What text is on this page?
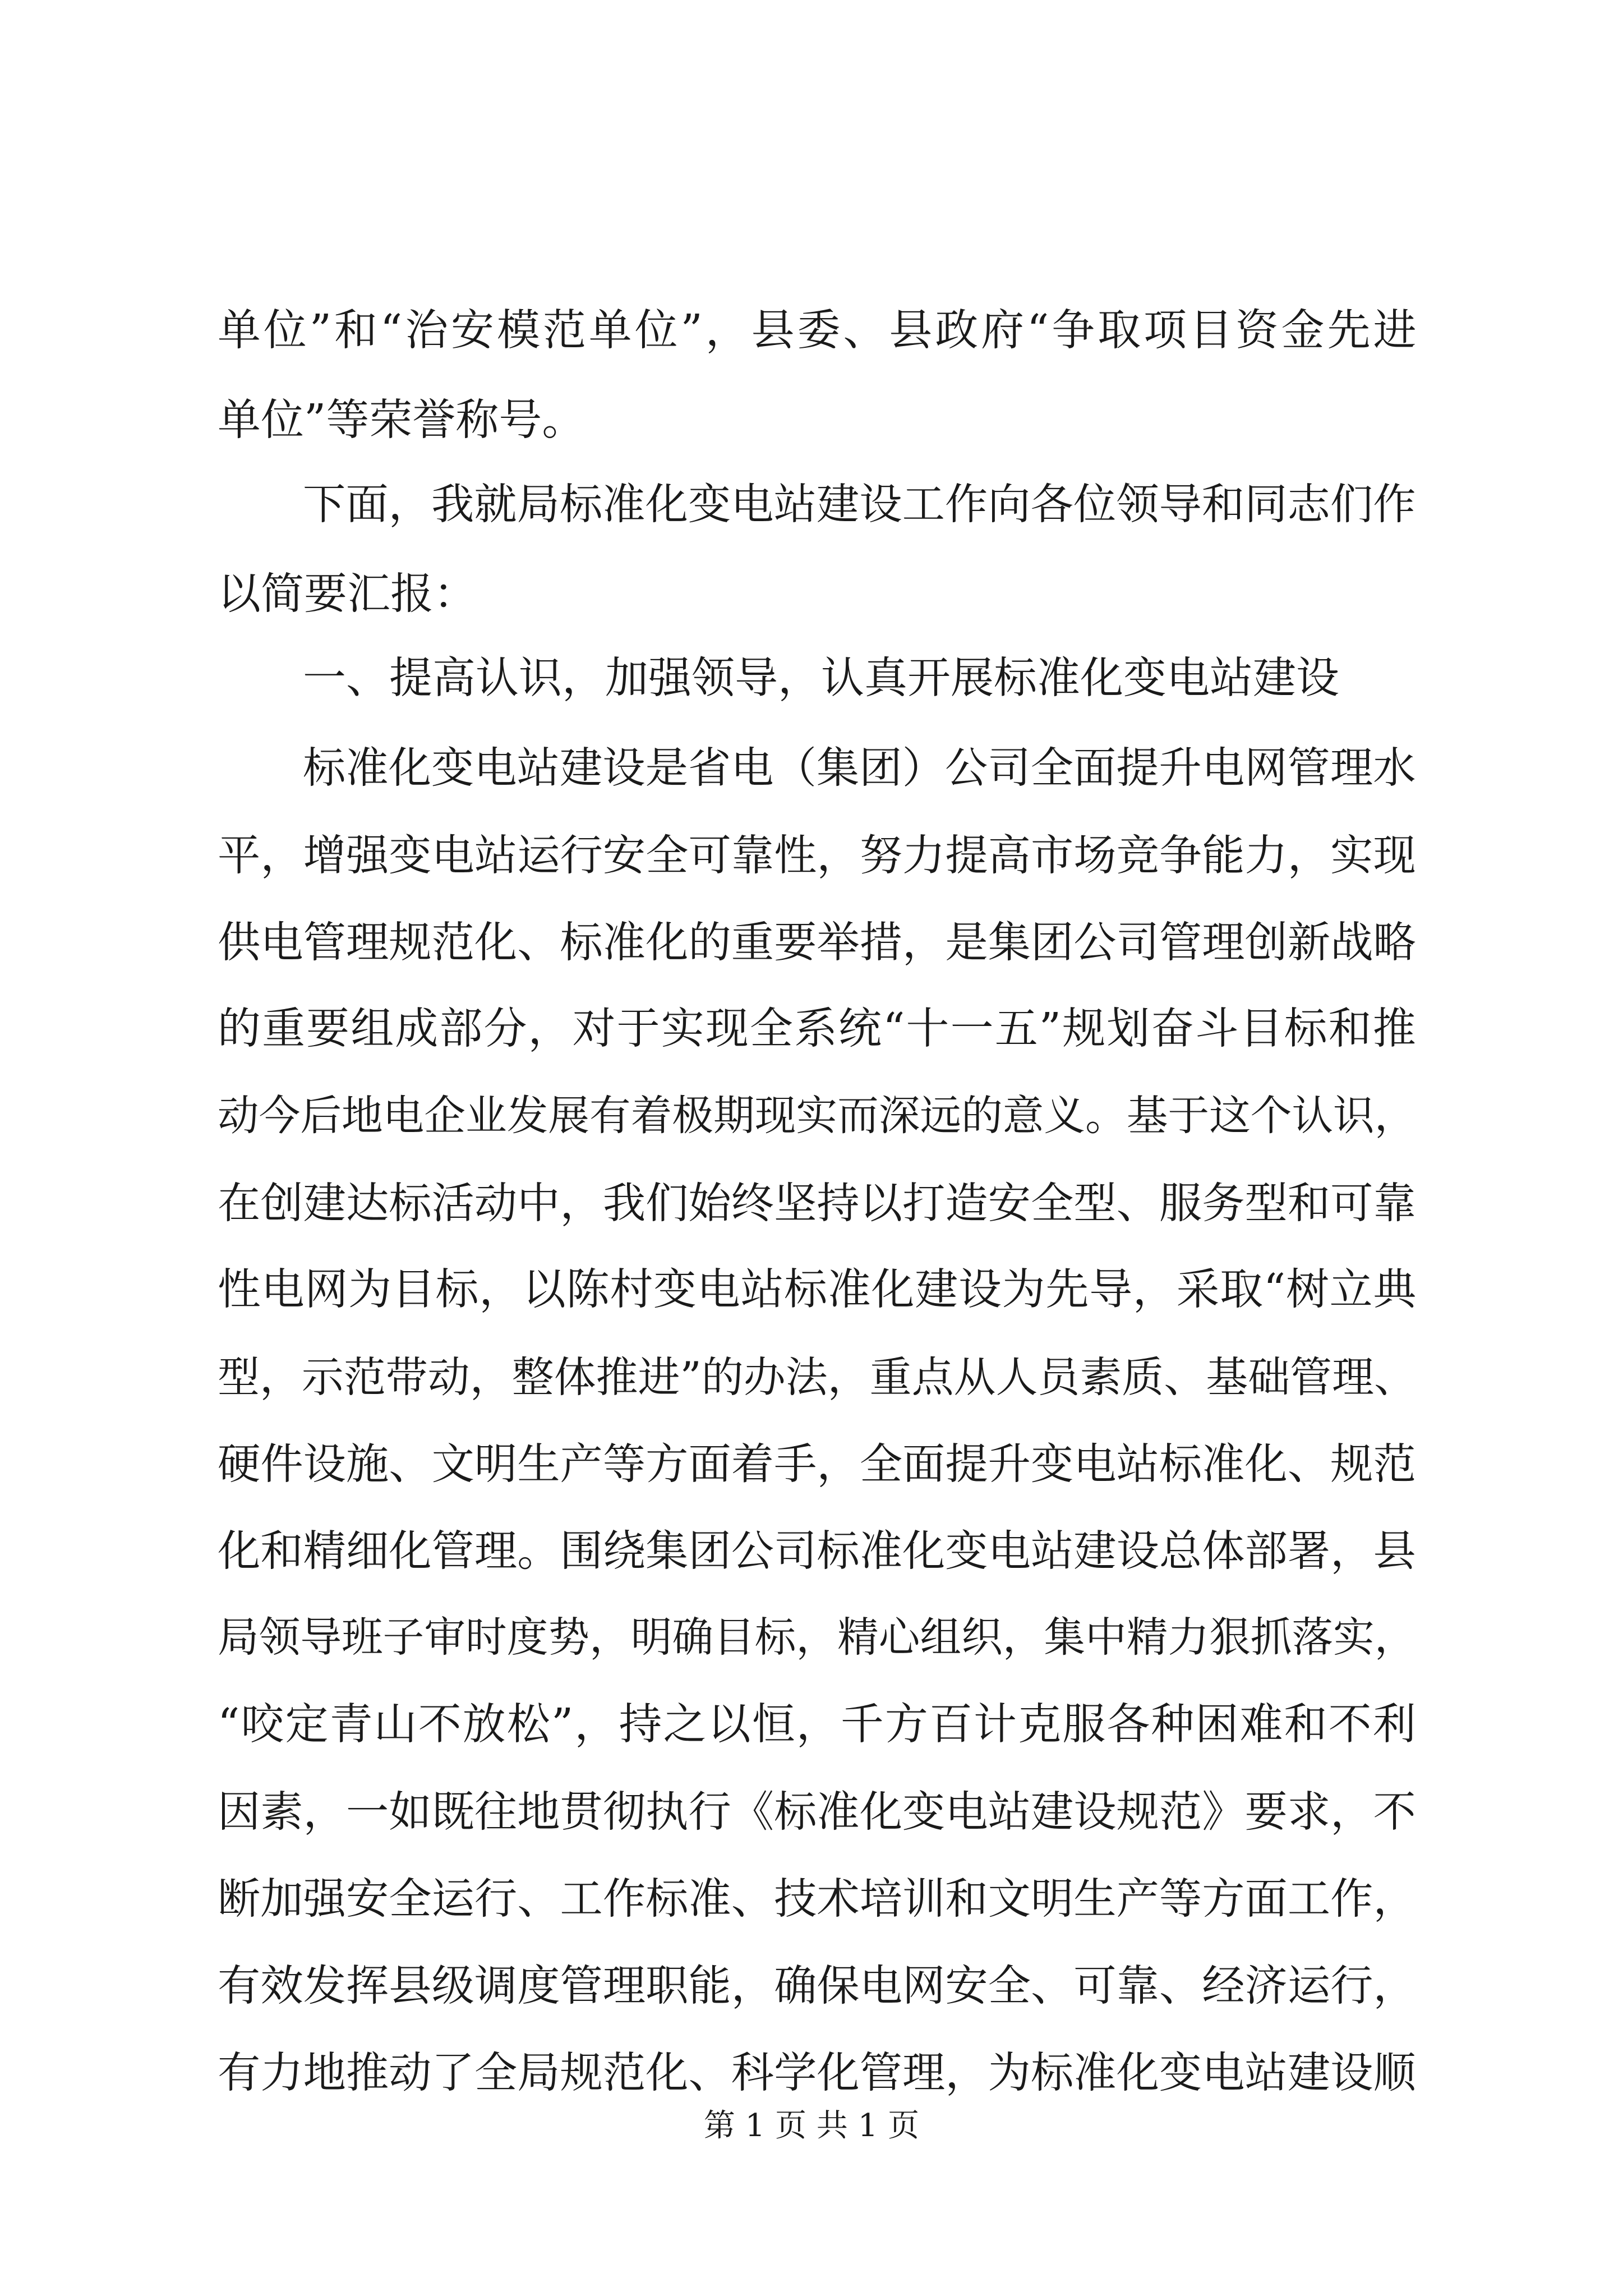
单位”和“治安模范单位”，县委、县政府“争取项目资金先进
单位”等荣誉称号。
下面，我就局标准化变电站建设工作向各位领导和同志们作
以简要汇报：
一、提高认识，加强领导，认真开展标准化变电站建设
标准化变电站建设是省电（集团）公司全面提升电网管理水
平，增强变电站运行安全可靠性，努力提高市场竞争能力，实现
供电管理规范化、标准化的重要举措，是集团公司管理创新战略
的重要组成部分，对于实现全系统“十一五”规划奋斗目标和推
动今后地电企业发展有着极期现实而深远的意义。基于这个认识，
在创建达标活动中，我们始终坚持以打造安全型、服务型和可靠
性电网为目标，以陈村变电站标准化建设为先导，采取“树立典
型，示范带动，整体推进”的办法，重点从人员素质、基础管理、
硬件设施、文明生产等方面着手，全面提升变电站标准化、规范
化和精细化管理。围绕集团公司标准化变电站建设总体部署，县
局领导班子审时度势，明确目标，精心组织，集中精力狠抓落实，
“咬定青山不放松”，持之以恒，千方百计克服各种困难和不利
因素，一如既往地贯彻执行《标准化变电站建设规范》要求，不
断加强安全运行、工作标准、技术培训和文明生产等方面工作，
有效发挥县级调度管理职能，确保电网安全、可靠、经济运行，
有力地推动了全局规范化、科学化管理，为标准化变电站建设顺
第 1 页 共 1 页
